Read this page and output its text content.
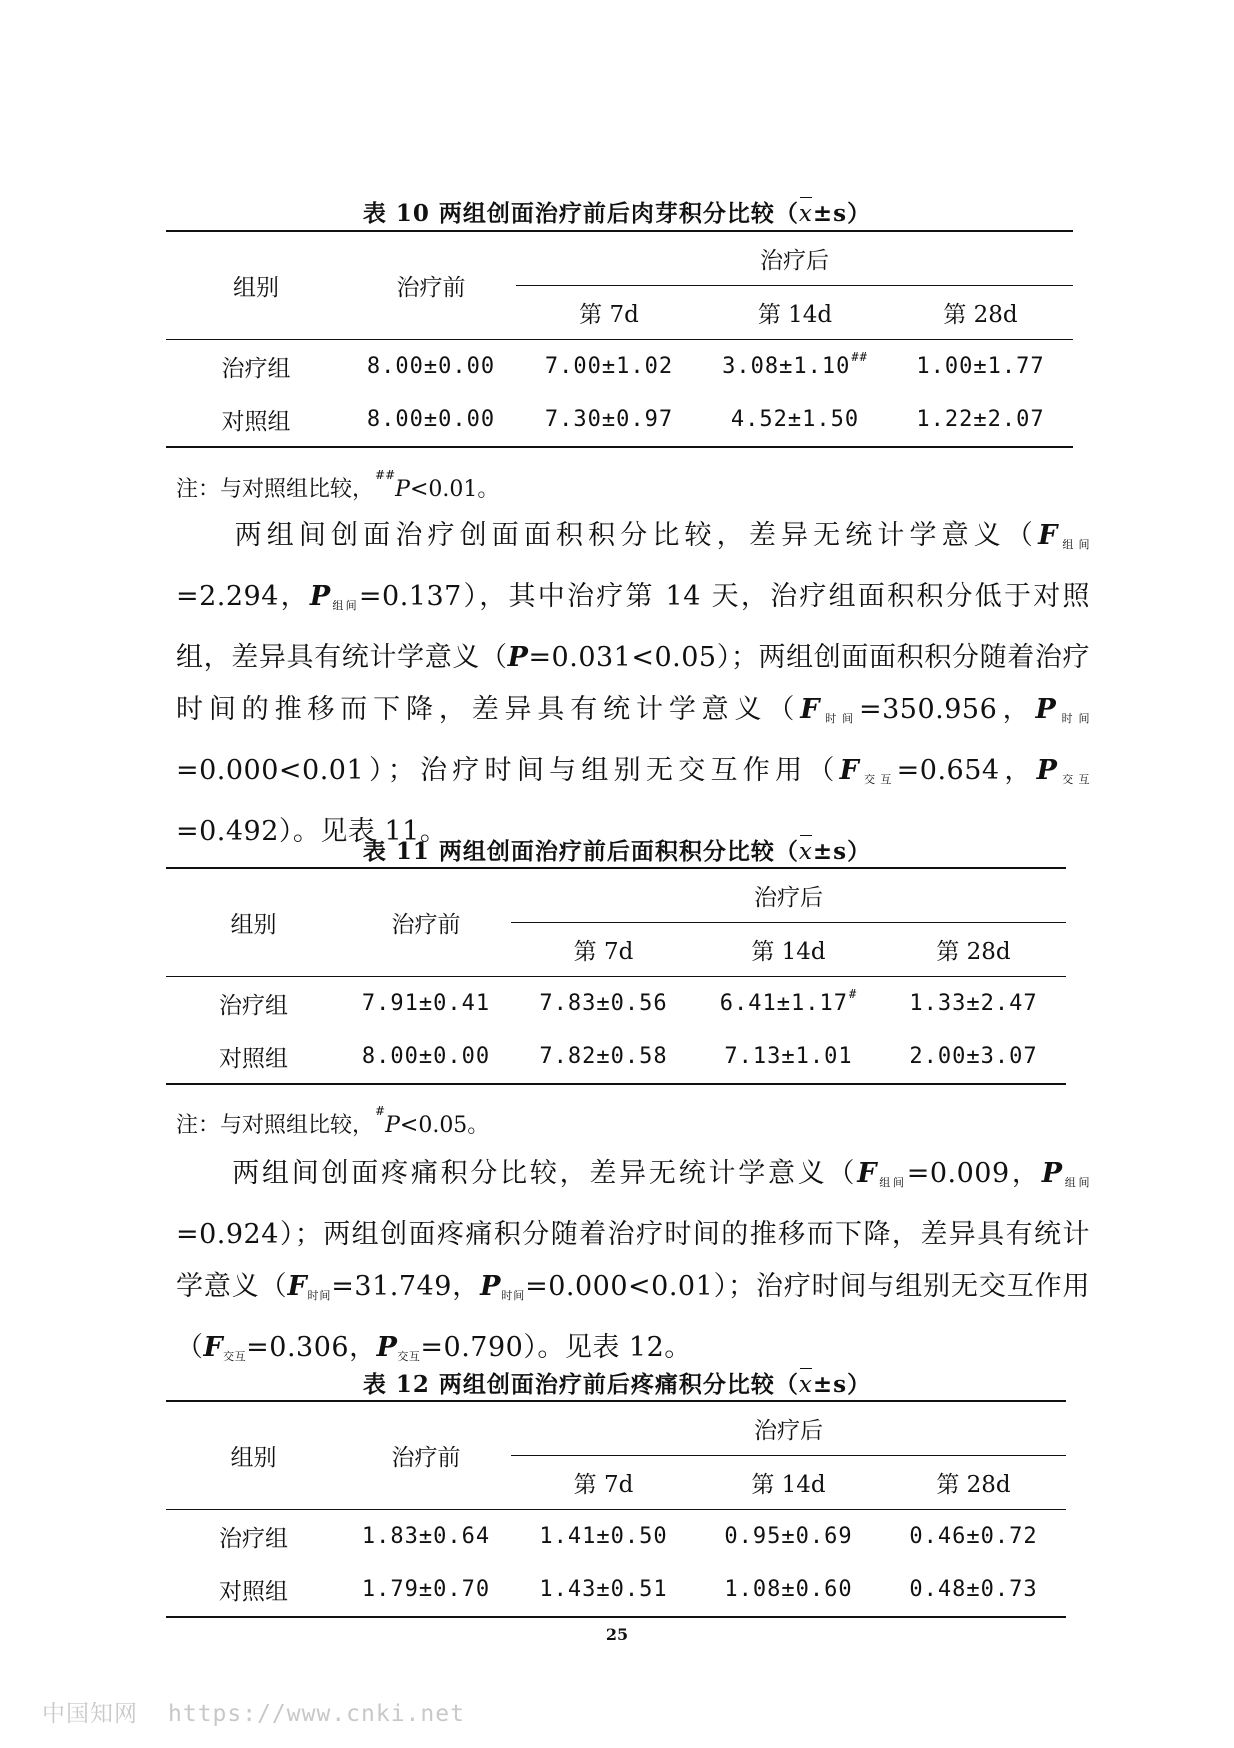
表 10 两组创面治疗前后肉芽积分比较（x±s）
组别	治疗前	治疗后		
		第 7d	第 14d	第 28d
治疗组	8.00±0.00	7.00±1.02	3.08±1.10##	1.00±1.77
对照组	8.00±0.00	7.30±0.97	4.52±1.50	1.22±2.07
注：与对照组比较，##P<0.01。
两组间创面治疗创面面积积分比较，差异无统计学意义（$F_{组间}=2.294$，$P_{组间}=0.137$），其中治疗第 14 天，治疗组面积积分低于对照组，差异具有统计学意义（P=0.031<0.05）；两组创面面积积分随着治疗时间的推移而下降，差异具有统计学意义（$F_{时间}=350.956$，$P_{时间}=0.000<0.01$）；治疗时间与组别无交互作用（$F_{交互}=0.654$，$P_{交互}=0.492$）。见表 11。
表 11 两组创面治疗前后面积积分比较（x±s）
组别	治疗前	治疗后		
		第 7d	第 14d	第 28d
治疗组	7.91±0.41	7.83±0.56	6.41±1.17#	1.33±2.47
对照组	8.00±0.00	7.82±0.58	7.13±1.01	2.00±3.07
注：与对照组比较，#P<0.05。
两组间创面疼痛积分比较，差异无统计学意义（$F_{组间}=0.009$，$P_{组间}=0.924$）；两组创面疼痛积分随着治疗时间的推移而下降，差异具有统计学意义（$F_{时间}=31.749$，$P_{时间}=0.000<0.01$）；治疗时间与组别无交互作用（$F_{交互}=0.306$，$P_{交互}=0.790$）。见表 12。
表 12 两组创面治疗前后疼痛积分比较（x±s）
组别	治疗前	治疗后		
		第 7d	第 14d	第 28d
治疗组	1.83±0.64	1.41±0.50	0.95±0.69	0.46±0.72
对照组	1.79±0.70	1.43±0.51	1.08±0.60	0.48±0.73
25
中国知网 https://www.cnki.net
